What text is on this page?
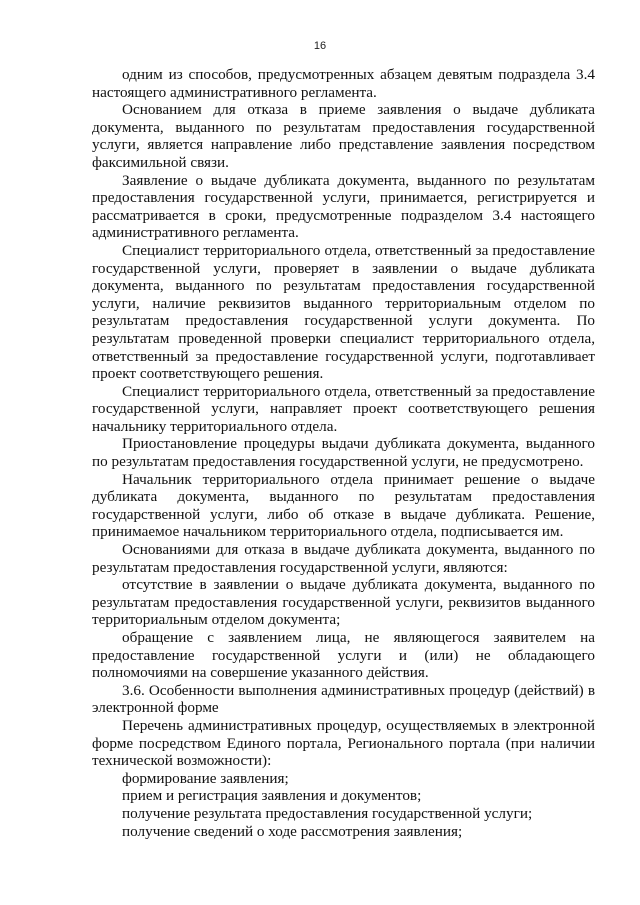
16

одним из способов, предусмотренных абзацем девятым подраздела 3.4 настоящего административного регламента.

Основанием для отказа в приеме заявления о выдаче дубликата документа, выданного по результатам предоставления государственной услуги, является направление либо представление заявления посредством факсимильной связи.

Заявление о выдаче дубликата документа, выданного по результатам предоставления государственной услуги, принимается, регистрируется и рассматривается в сроки, предусмотренные подразделом 3.4 настоящего административного регламента.

Специалист территориального отдела, ответственный за предоставление государственной услуги, проверяет в заявлении о выдаче дубликата документа, выданного по результатам предоставления государственной услуги, наличие реквизитов выданного территориальным отделом по результатам предоставления государственной услуги документа. По результатам проведенной проверки специалист территориального отдела, ответственный за предоставление государственной услуги, подготавливает проект соответствующего решения.

Специалист территориального отдела, ответственный за предоставление государственной услуги, направляет проект соответствующего решения начальнику территориального отдела.

Приостановление процедуры выдачи дубликата документа, выданного по результатам предоставления государственной услуги, не предусмотрено.

Начальник территориального отдела принимает решение о выдаче дубликата документа, выданного по результатам предоставления государственной услуги, либо об отказе в выдаче дубликата. Решение, принимаемое начальником территориального отдела, подписывается им.

Основаниями для отказа в выдаче дубликата документа, выданного по результатам предоставления государственной услуги, являются:

отсутствие в заявлении о выдаче дубликата документа, выданного по результатам предоставления государственной услуги, реквизитов выданного территориальным отделом документа;

обращение с заявлением лица, не являющегося заявителем на предоставление государственной услуги и (или) не обладающего полномочиями на совершение указанного действия.

3.6. Особенности выполнения административных процедур (действий) в электронной форме

Перечень административных процедур, осуществляемых в электронной форме посредством Единого портала, Регионального портала (при наличии технической возможности):

формирование заявления;

прием и регистрация заявления и документов;

получение результата предоставления государственной услуги;

получение сведений о ходе рассмотрения заявления;
